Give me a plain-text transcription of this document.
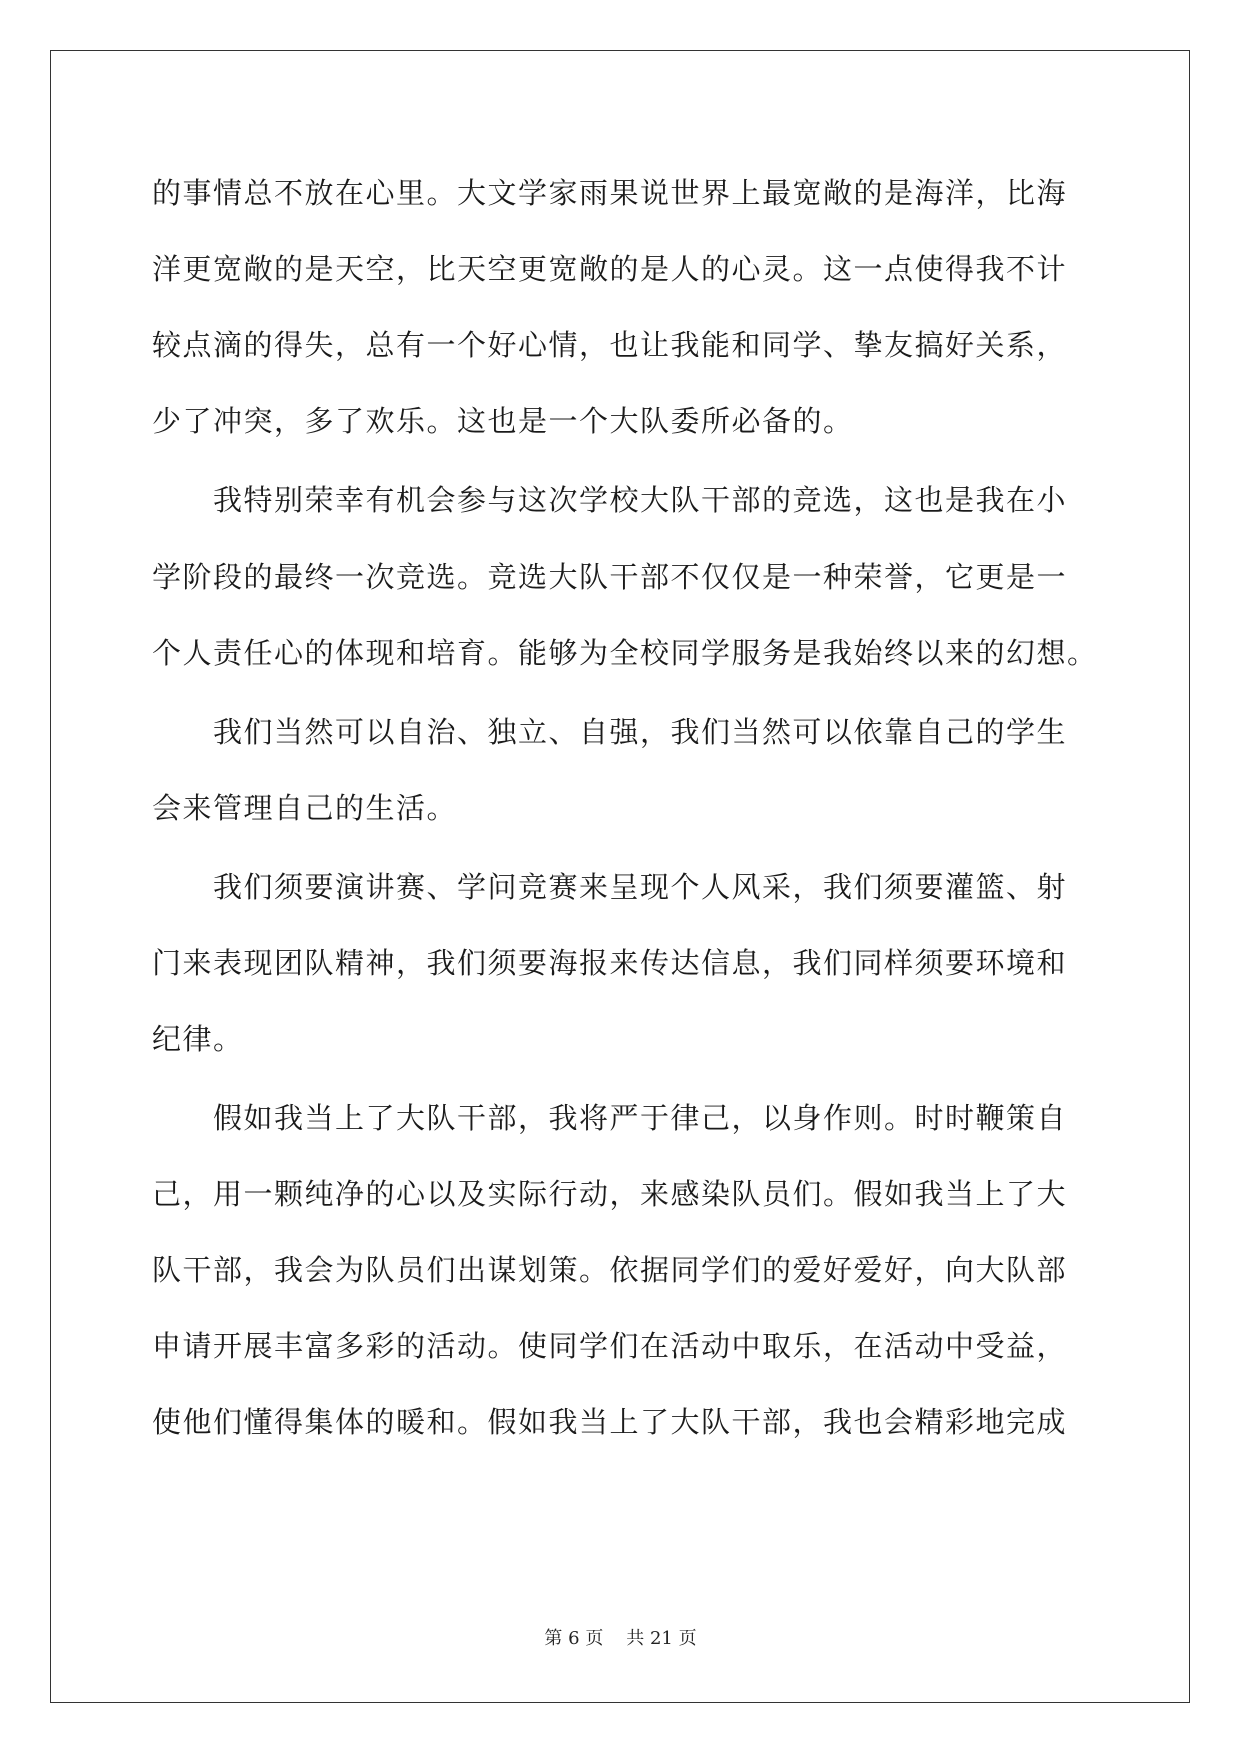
的事情总不放在心里。大文学家雨果说世界上最宽敞的是海洋，比海
洋更宽敞的是天空，比天空更宽敞的是人的心灵。这一点使得我不计
较点滴的得失，总有一个好心情，也让我能和同学、挚友搞好关系，
少了冲突，多了欢乐。这也是一个大队委所必备的。
　　我特别荣幸有机会参与这次学校大队干部的竞选，这也是我在小
学阶段的最终一次竞选。竞选大队干部不仅仅是一种荣誉，它更是一
个人责任心的体现和培育。能够为全校同学服务是我始终以来的幻想。
　　我们当然可以自治、独立、自强，我们当然可以依靠自己的学生
会来管理自己的生活。
　　我们须要演讲赛、学问竞赛来呈现个人风采，我们须要灌篮、射
门来表现团队精神，我们须要海报来传达信息，我们同样须要环境和
纪律。
　　假如我当上了大队干部，我将严于律己，以身作则。时时鞭策自
己，用一颗纯净的心以及实际行动，来感染队员们。假如我当上了大
队干部，我会为队员们出谋划策。依据同学们的爱好爱好，向大队部
申请开展丰富多彩的活动。使同学们在活动中取乐，在活动中受益，
使他们懂得集体的暖和。假如我当上了大队干部，我也会精彩地完成
第 6 页 共 21 页
